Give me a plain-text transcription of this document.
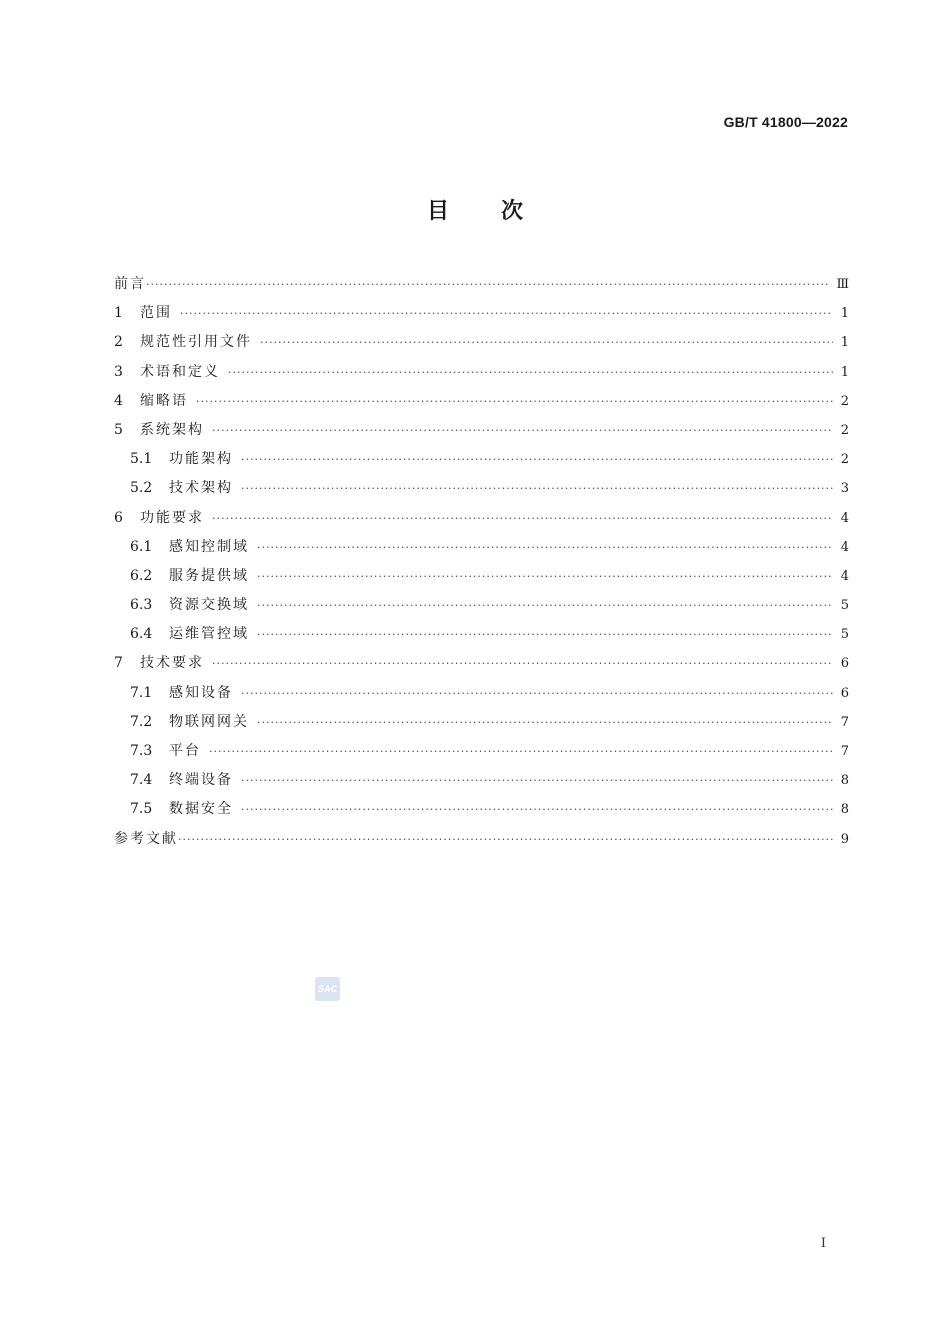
GB/T 41800—2022
目次
前言 ·····	Ⅲ
1	范围 ·····	1
2	规范性引用文件 ·····	1
3	术语和定义 ·····	1
4	缩略语 ·····	2
5	系统架构 ·····	2
5.1	功能架构 ·····	2
5.2	技术架构 ·····	3
6	功能要求 ·····	4
6.1	感知控制域 ·····	4
6.2	服务提供域 ·····	4
6.3	资源交换域 ·····	5
6.4	运维管控域 ·····	5
7	技术要求 ·····	6
7.1	感知设备 ·····	6
7.2	物联网网关 ·····	7
7.3	平台 ·····	7
7.4	终端设备 ·····	8
7.5	数据安全 ·····	8
参考文献 ·····	9
SAC
Ⅰ
